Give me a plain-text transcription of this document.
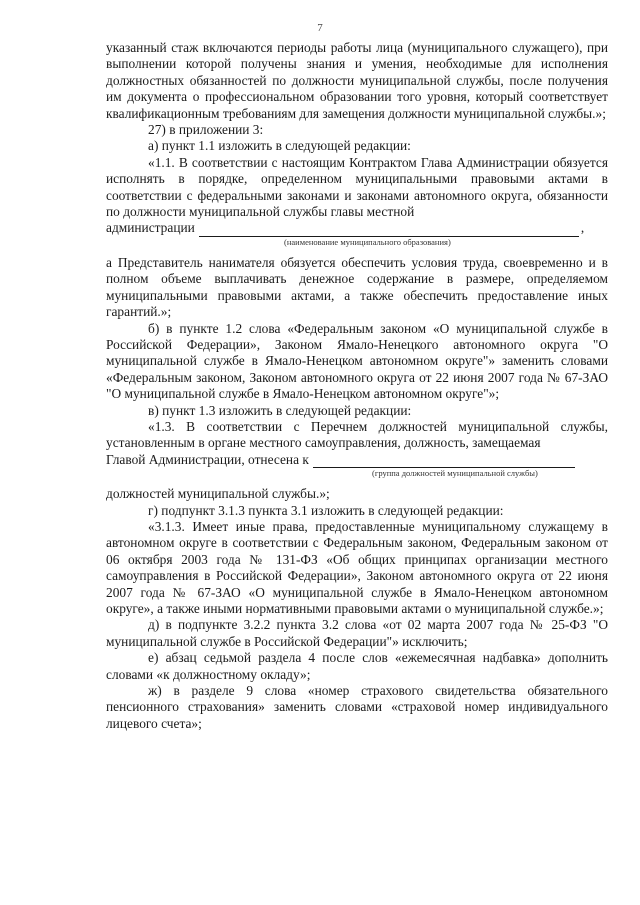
7

указанный стаж включаются периоды работы лица (муниципального служащего), при выполнении которой получены знания и умения, необходимые для исполнения должностных обязанностей по должности муниципальной службы, после получения им документа о профессиональном образовании того уровня, который соответствует квалификационным требованиям для замещения должности муниципальной службы.»;

27) в приложении 3:

а) пункт 1.1 изложить в следующей редакции:

«1.1. В соответствии с настоящим Контрактом Глава Администрации обязуется исполнять в порядке, определенном муниципальными правовыми актами в соответствии с федеральными законами и законами автономного округа, обязанности по должности муниципальной службы главы местной

администрации	,

(наименование муниципального образования)

а Представитель нанимателя обязуется обеспечить условия труда, своевременно и в полном объеме выплачивать денежное содержание в размере, определяемом муниципальными правовыми актами, а также обеспечить предоставление иных гарантий.»;

б) в пункте 1.2 слова «Федеральным законом «О муниципальной службе в Российской Федерации», Законом Ямало-Ненецкого автономного округа "О муниципальной службе в Ямало-Ненецком автономном округе"» заменить словами «Федеральным законом, Законом автономного округа от 22 июня 2007 года № 67-ЗАО "О муниципальной службе в Ямало-Ненецком автономном округе"»;

в) пункт 1.3 изложить в следующей редакции:

«1.3. В соответствии с Перечнем должностей муниципальной службы, установленным в органе местного самоуправления, должность, замещаемая

Главой Администрации, отнесена к

(группа должностей муниципальной службы)

должностей муниципальной службы.»;

г) подпункт 3.1.3 пункта 3.1 изложить в следующей редакции:

«3.1.3. Имеет иные права, предоставленные муниципальному служащему в автономном округе в соответствии с Федеральным законом, Федеральным законом от 06 октября 2003 года № 131-ФЗ «Об общих принципах организации местного самоуправления в Российской Федерации», Законом автономного округа от 22 июня 2007 года № 67-ЗАО «О муниципальной службе в Ямало-Ненецком автономном округе», а также иными нормативными правовыми актами о муниципальной службе.»;

д) в подпункте 3.2.2 пункта 3.2 слова «от 02 марта 2007 года № 25-ФЗ "О муниципальной службе в Российской Федерации"» исключить;

е) абзац седьмой раздела 4 после слов «ежемесячная надбавка» дополнить словами «к должностному окладу»;

ж) в разделе 9 слова «номер страхового свидетельства обязательного пенсионного страхования» заменить словами «страховой номер индивидуального лицевого счета»;
